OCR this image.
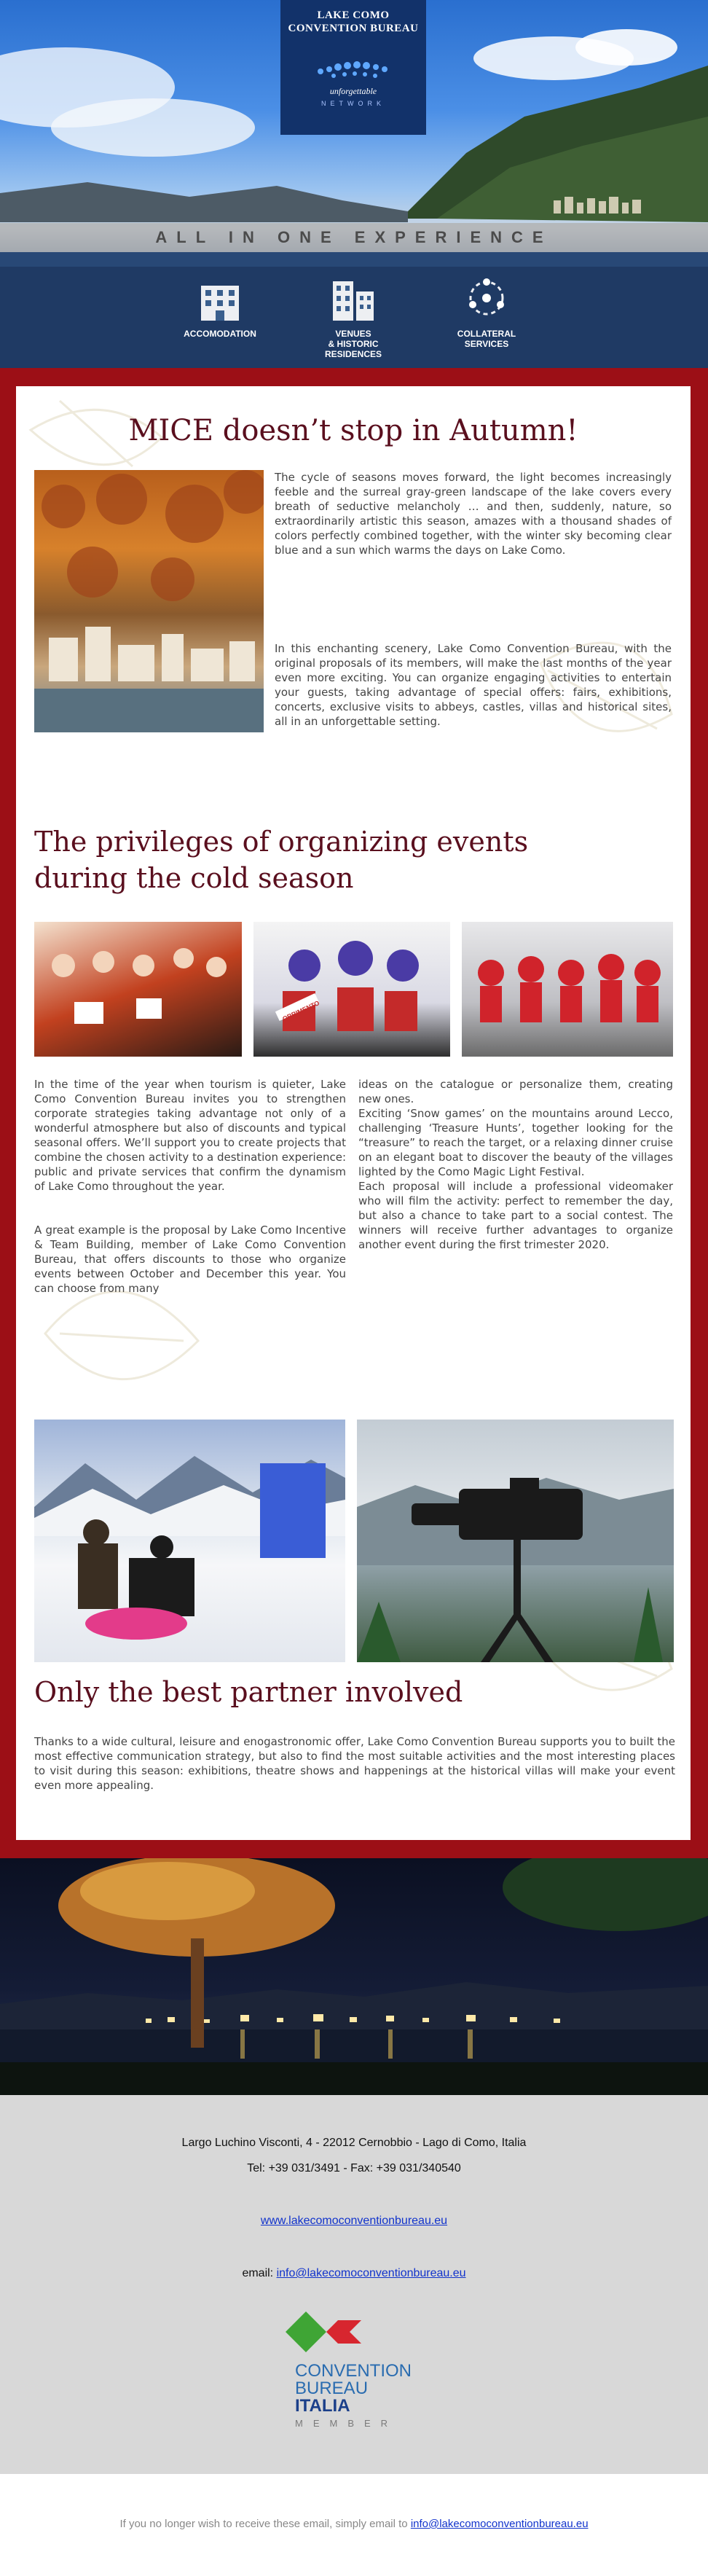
LAKE COMO CONVENTION BUREAU
unforgettable
NETWORK
ALL IN ONE EXPERIENCE
ACCOMODATION	VENUES
& HISTORIC
RESIDENCES
COLLATERAL
SERVICES
MICE doesn’t stop in Autumn!
The cycle of seasons moves forward, the light becomes increasingly feeble and the surreal gray-green landscape of the lake covers every breath of seductive melancholy … and then, suddenly, nature, so extraordinarily artistic this season, amazes with a thousand shades of colors perfectly combined together, with the winter sky becoming clear blue and a sun which warms the days on Lake Como.
In this enchanting scenery, Lake Como Convention Bureau, with the original proposals of its members, will make the last months of the year even more exciting. You can organize engaging activities to entertain your guests, taking advantage of special offers: fairs, exhibitions, concerts, exclusive visits to abbeys, castles, villas and historical sites, all in an unforgettable setting.
The privileges of organizing events
during the cold season
ORRIMENTO
In the time of the year when tourism is quieter, Lake Como Convention Bureau invites you to strengthen corporate strategies taking advantage not only of a wonderful atmosphere but also of discounts and typical seasonal offers. We’ll support you to create projects that combine the chosen activity to a destination experience: public and private services that confirm the dynamism of Lake Como throughout the year.
A great example is the proposal by Lake Como Incentive & Team Building, member of Lake Como Convention Bureau, that offers discounts to those who organize events between October and December this year. You can choose from many
ideas on the catalogue or personalize them, creating new ones.
Exciting ‘Snow games’ on the mountains around Lecco, challenging ‘Treasure Hunts’, together looking for the “treasure” to reach the target, or a relaxing dinner cruise on an elegant boat to discover the beauty of the villages lighted by the Como Magic Light Festival.
Each proposal will include a professional videomaker who will film the activity: perfect to remember the day, but also a chance to take part to a social contest. The winners will receive further advantages to organize another event during the first trimester 2020.
Only the best partner involved
Thanks to a wide cultural, leisure and enogastronomic offer, Lake Como Convention Bureau supports you to built the most effective communication strategy, but also to find the most suitable activities and the most interesting places to visit during this season: exhibitions, theatre shows and happenings at the historical villas will make your event even more appealing.
Largo Luchino Visconti, 4 - 22012 Cernobbio - Lago di Como, Italia
Tel: +39 031/3491 - Fax: +39 031/340540
www.lakecomoconventionbureau.eu
email: info@lakecomoconventionbureau.eu
CONVENTION
BUREAU
ITALIA
MEMBER
If you no longer wish to receive these email, simply email to info@lakecomoconventionbureau.eu
